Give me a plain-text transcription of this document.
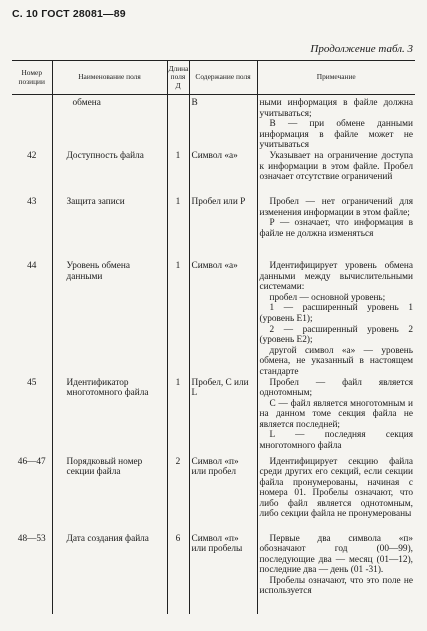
С. 10 ГОСТ 28081—89
Продолжение табл. 3
Номер позиции	Наименование поля	Длина поля Д	Содержание поля	Примечание
	обмена		В	ными информация в файле должна учитываться;
В — при обмене данными информация в файле может не учитываться

42	Доступность файла	1	Символ «а»	Указывает на ограничение доступа к информации в этом файле. Пробел означает отсутствие ограничений

43	Защита записи	1	Пробел или Р	Пробел — нет ограничений для изменения информации в этом файле;
Р — означает, что информация в файле не должна изменяться

44	Уровень обмена данными	1	Символ «а»	Идентифицирует уровень обмена данными между вычислительными системами:
пробел — основной уровень;
1 — расширенный уровень 1 (уровень Е1);
2 — расширенный уровень 2 (уровень Е2);
другой символ «а» — уровень обмена, не указанный в настоящем стандарте

45	Идентификатор многотомного файла	1	Пробел, С или L	Пробел — файл является однотомным;
С — файл является многотомным и на данном томе секция файла не является последней;
L — последняя секция многотомного файла

46—47	Порядковый номер секции файла	2	Символ «п» или пробел	Идентифицирует секцию файла среди других его секций, если секции файла пронумерованы, начиная с номера 01. Пробелы означают, что либо файл является однотомным, либо секции файла не пронумерованы

48—53	Дата создания файла	6	Символ «п» или пробелы	Первые два символа «п» обозначают год (00—99), последующие два — месяц (01—12), последние два — день (01 -31).
Пробелы означают, что это поле не используется
